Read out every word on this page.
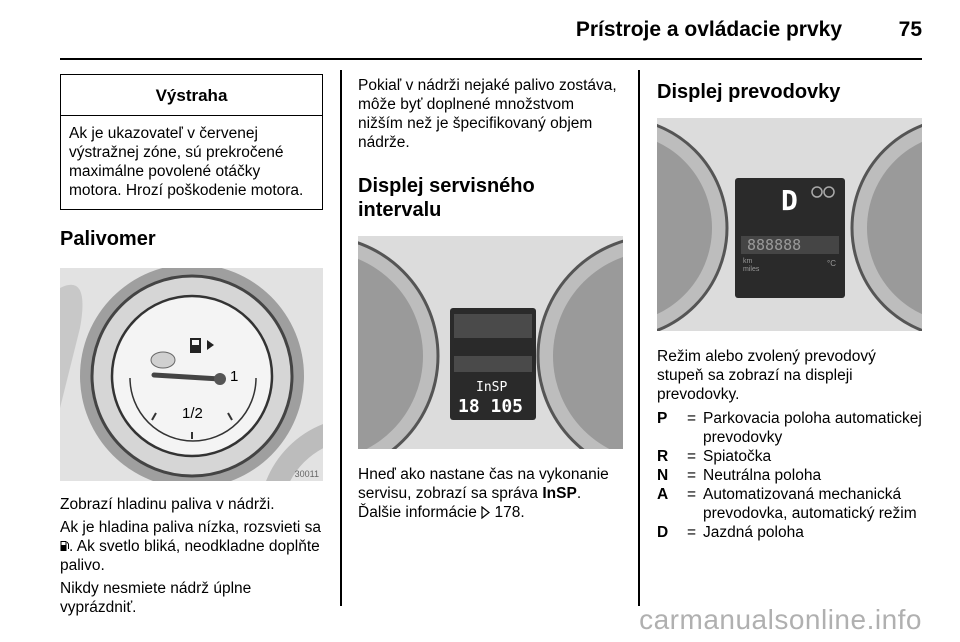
Prístroje a ovládacie prvky	75
Výstraha
Ak je ukazovateľ v červenej výstražnej zóne, sú prekročené maximálne povolené otáčky motora. Hrozí poškodenie motora.
Palivomer
1
1/2
30011

Zobrazí hladinu paliva v nádrži.

Ak je hladina paliva nízka, rozsvieti sa . Ak svetlo bliká, neodkladne doplňte palivo.

Nikdy nesmiete nádrž úplne vyprázdniť.

Pokiaľ v nádrži nejaké palivo zostáva, môže byť doplnené množstvom nižším než je špecifikovaný objem nádrže.

Displej servisného intervalu
InSP
18 105

Hneď ako nastane čas na vykonanie servisu, zobrazí sa správa InSP.

Ďalšie informácie  178.

Displej prevodovky
D
888888
km miles
°C

Režim alebo zvolený prevodový stupeň sa zobrazí na displeji prevodovky.

P	= Parkovacia poloha automatickej prevodovky
R	= Spiatočka
N	= Neutrálna poloha
A	= Automatizovaná mechanická prevodovka, automatický režim
D	= Jazdná poloha
carmanualsonline.info
